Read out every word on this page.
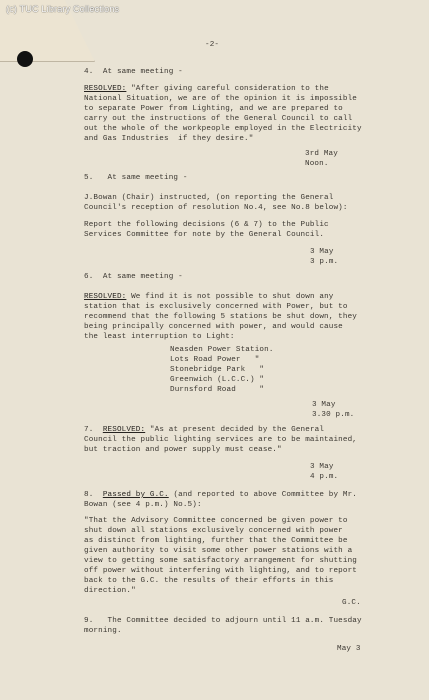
(c) TUC Library Collections
-2-
4.  At same meeting -
RESOLVED: "After giving careful consideration to the
National Situation, we are of the opinion it is impossible
to separate Power from Lighting, and we are prepared to
carry out the instructions of the General Council to call
out the whole of the workpeople employed in the Electricity
and Gas Industries  if they desire."
3rd May
Noon.
5.   At same meeting -
J.Bowan (Chair) instructed, (on reporting the General
Council's reception of resolution No.4, see No.8 below):
Report the following decisions (6 & 7) to the Public
Services Committee for note by the General Council.
3 May
3 p.m.
6.  At same meeting -
RESOLVED: We find it is not possible to shut down any
station that is exclusively concerned with Power, but to
recommend that the following 5 stations be shut down, they
being principally concerned with power, and would cause
the least interruption to Light:
Neasden Power Station.
Lots Road Power   "
Stonebridge Park   "
Greenwich (L.C.C.) "
Durnsford Road     "
3 May
3.30 p.m.
7.  RESOLVED: "As at present decided by the General
Council the public lighting services are to be maintained,
but traction and power supply must cease."
3 May
4 p.m.
8.  Passed by G.C. (and reported to above Committee by Mr.
Bowan (see 4 p.m.) No.5):
"That the Advisory Committee concerned be given power to
shut down all stations exclusively concerned with power
as distinct from lighting, further that the Committee be
given authority to visit some other power stations with a
view to getting some satisfactory arrangement for shutting
off power without interfering with lighting, and to report
back to the G.C. the results of their efforts in this
direction."
G.C.
9.   The Committee decided to adjourn until 11 a.m. Tuesday
morning.
May 3
